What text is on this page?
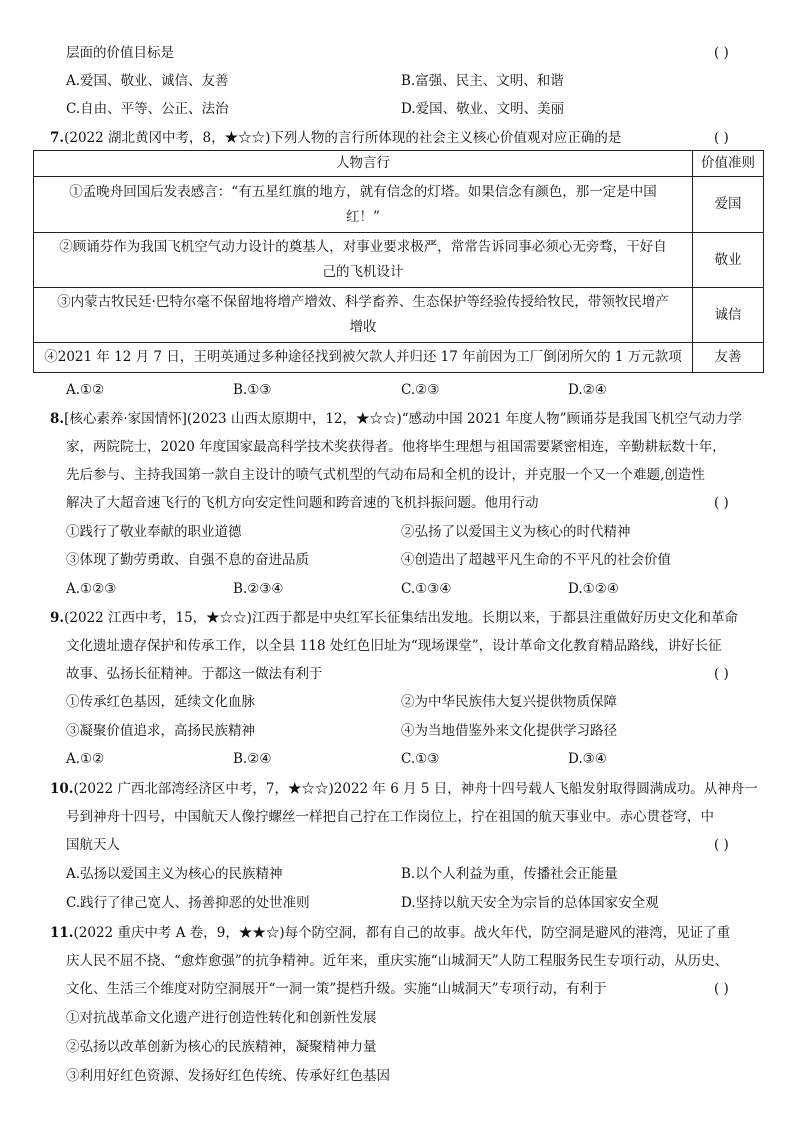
层面的价值目标是	( )
A.爱国、敬业、诚信、友善	B.富强、民主、文明、和谐
C.自由、平等、公正、法治	D.爱国、敬业、文明、美丽
7.(2022 湖北黄冈中考，8，★☆☆)下列人物的言行所体现的社会主义核心价值观对应正确的是	( )
人物言行	价值准则

①孟晚舟回国后发表感言：“有五星红旗的地方，就有信念的灯塔。如果信念有颜色，那一定是中国
红！”	爱国

②顾诵芬作为我国飞机空气动力设计的奠基人，对事业要求极严，常常告诉同事必须心无旁骛，干好自
己的飞机设计	敬业

③内蒙古牧民廷·巴特尔毫不保留地将增产增效、科学畜养、生态保护等经验传授给牧民，带领牧民增产
增收	诚信

④2021 年 12 月 7 日，王明英通过多种途径找到被欠款人并归还 17 年前因为工厂倒闭所欠的 1 万元款项	友善
A.①②	B.①③	C.②③	D.②④
8.[核心素养·家国情怀](2023 山西太原期中，12，★☆☆)“感动中国 2021 年度人物”顾诵芬是我国飞机空气动力学
家，两院院士，2020 年度国家最高科学技术奖获得者。他将毕生理想与祖国需要紧密相连，辛勤耕耘数十年，
先后参与、主持我国第一款自主设计的喷气式机型的气动布局和全机的设计，并克服一个又一个难题,创造性
解决了大超音速飞行的飞机方向安定性问题和跨音速的飞机抖振问题。他用行动	( )
①践行了敬业奉献的职业道德	②弘扬了以爱国主义为核心的时代精神
③体现了勤劳勇敢、自强不息的奋进品质	④创造出了超越平凡生命的不平凡的社会价值
A.①②③	B.②③④	C.①③④	D.①②④
9.(2022 江西中考，15，★☆☆)江西于都是中央红军长征集结出发地。长期以来，于都县注重做好历史文化和革命
文化遗址遗存保护和传承工作，以全县 118 处红色旧址为“现场课堂”，设计革命文化教育精品路线，讲好长征
故事、弘扬长征精神。于都这一做法有利于	( )
①传承红色基因，延续文化血脉	②为中华民族伟大复兴提供物质保障
③凝聚价值追求，高扬民族精神	④为当地借鉴外来文化提供学习路径
A.①②	B.②④	C.①③	D.③④
10.(2022 广西北部湾经济区中考，7，★☆☆)2022 年 6 月 5 日，神舟十四号载人飞船发射取得圆满成功。从神舟一
号到神舟十四号，中国航天人像拧螺丝一样把自己拧在工作岗位上，拧在祖国的航天事业中。赤心贯苍穹，中
国航天人	( )
A.弘扬以爱国主义为核心的民族精神	B.以个人利益为重，传播社会正能量
C.践行了律己宽人、扬善抑恶的处世准则	D.坚持以航天安全为宗旨的总体国家安全观
11.(2022 重庆中考 A 卷，9，★★☆)每个防空洞，都有自己的故事。战火年代，防空洞是避风的港湾，见证了重
庆人民不屈不挠、“愈炸愈强”的抗争精神。近年来，重庆实施“山城洞天”人防工程服务民生专项行动，从历史、
文化、生活三个维度对防空洞展开“一洞一策”提档升级。实施“山城洞天”专项行动，有利于	( )
①对抗战革命文化遗产进行创造性转化和创新性发展
②弘扬以改革创新为核心的民族精神，凝聚精神力量
③利用好红色资源、发扬好红色传统、传承好红色基因
